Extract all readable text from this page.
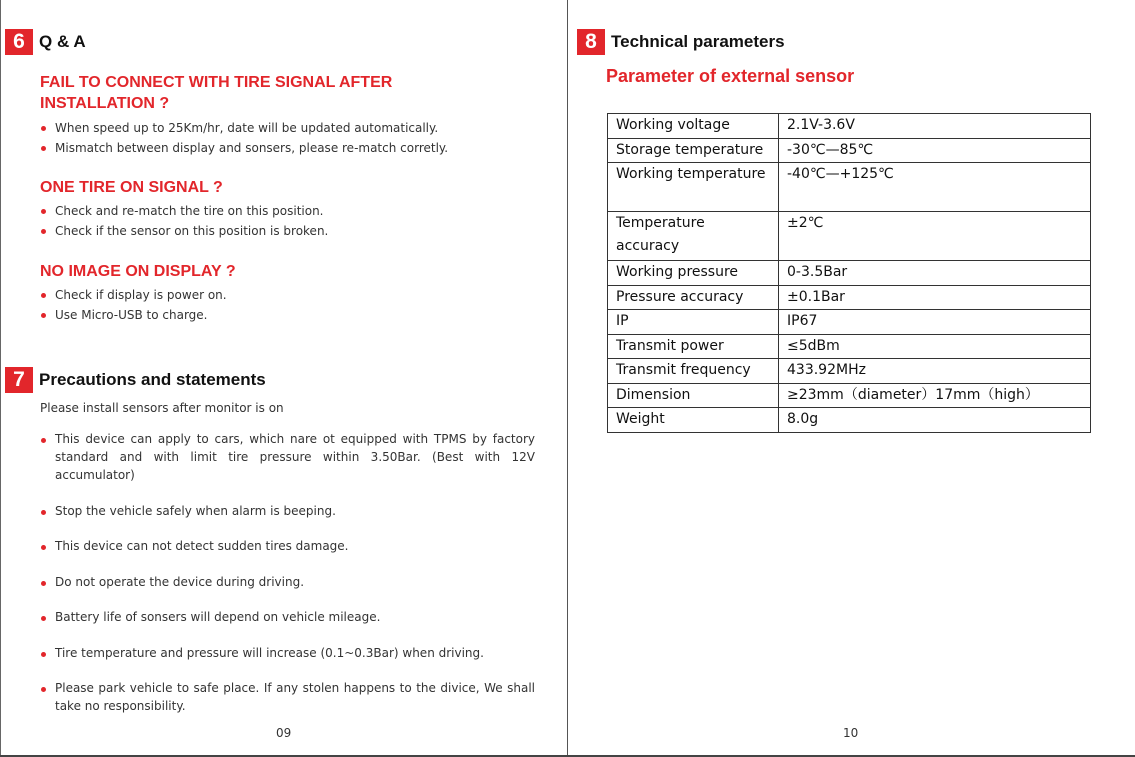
6 Q & A
FAIL TO CONNECT WITH TIRE SIGNAL AFTER INSTALLATION ?
When speed up to 25Km/hr, date will be updated automatically.
Mismatch between display and sonsers, please re-match corretly.
ONE TIRE ON SIGNAL ?
Check and re-match the tire on this position.
Check if the sensor on this position is broken.
NO IMAGE ON DISPLAY ?
Check if display is power on.
Use Micro-USB to charge.
7 Precautions and statements
Please install sensors after monitor is on
This device can apply to cars, which nare ot equipped with TPMS by factory standard and with limit tire pressure within 3.50Bar. (Best with 12V accumulator)
Stop the vehicle safely when alarm is beeping.
This device can not detect sudden tires damage.
Do not operate the device during driving.
Battery life of sonsers will depend on vehicle mileage.
Tire temperature and pressure will increase (0.1~0.3Bar) when driving.
Please park vehicle to safe place. If any stolen happens to the divice, We shall take no responsibility.
09
8 Technical parameters
Parameter of external sensor
Working voltage	2.1V-3.6V
Storage temperature	-30℃—85℃
Working temperature	-40℃—+125℃
Temperature accuracy	±2℃
Working pressure	0-3.5Bar
Pressure accuracy	±0.1Bar
IP	IP67
Transmit power	≤5dBm
Transmit frequency	433.92MHz
Dimension	≥23mm（diameter）17mm（high）
Weight	8.0g
10
